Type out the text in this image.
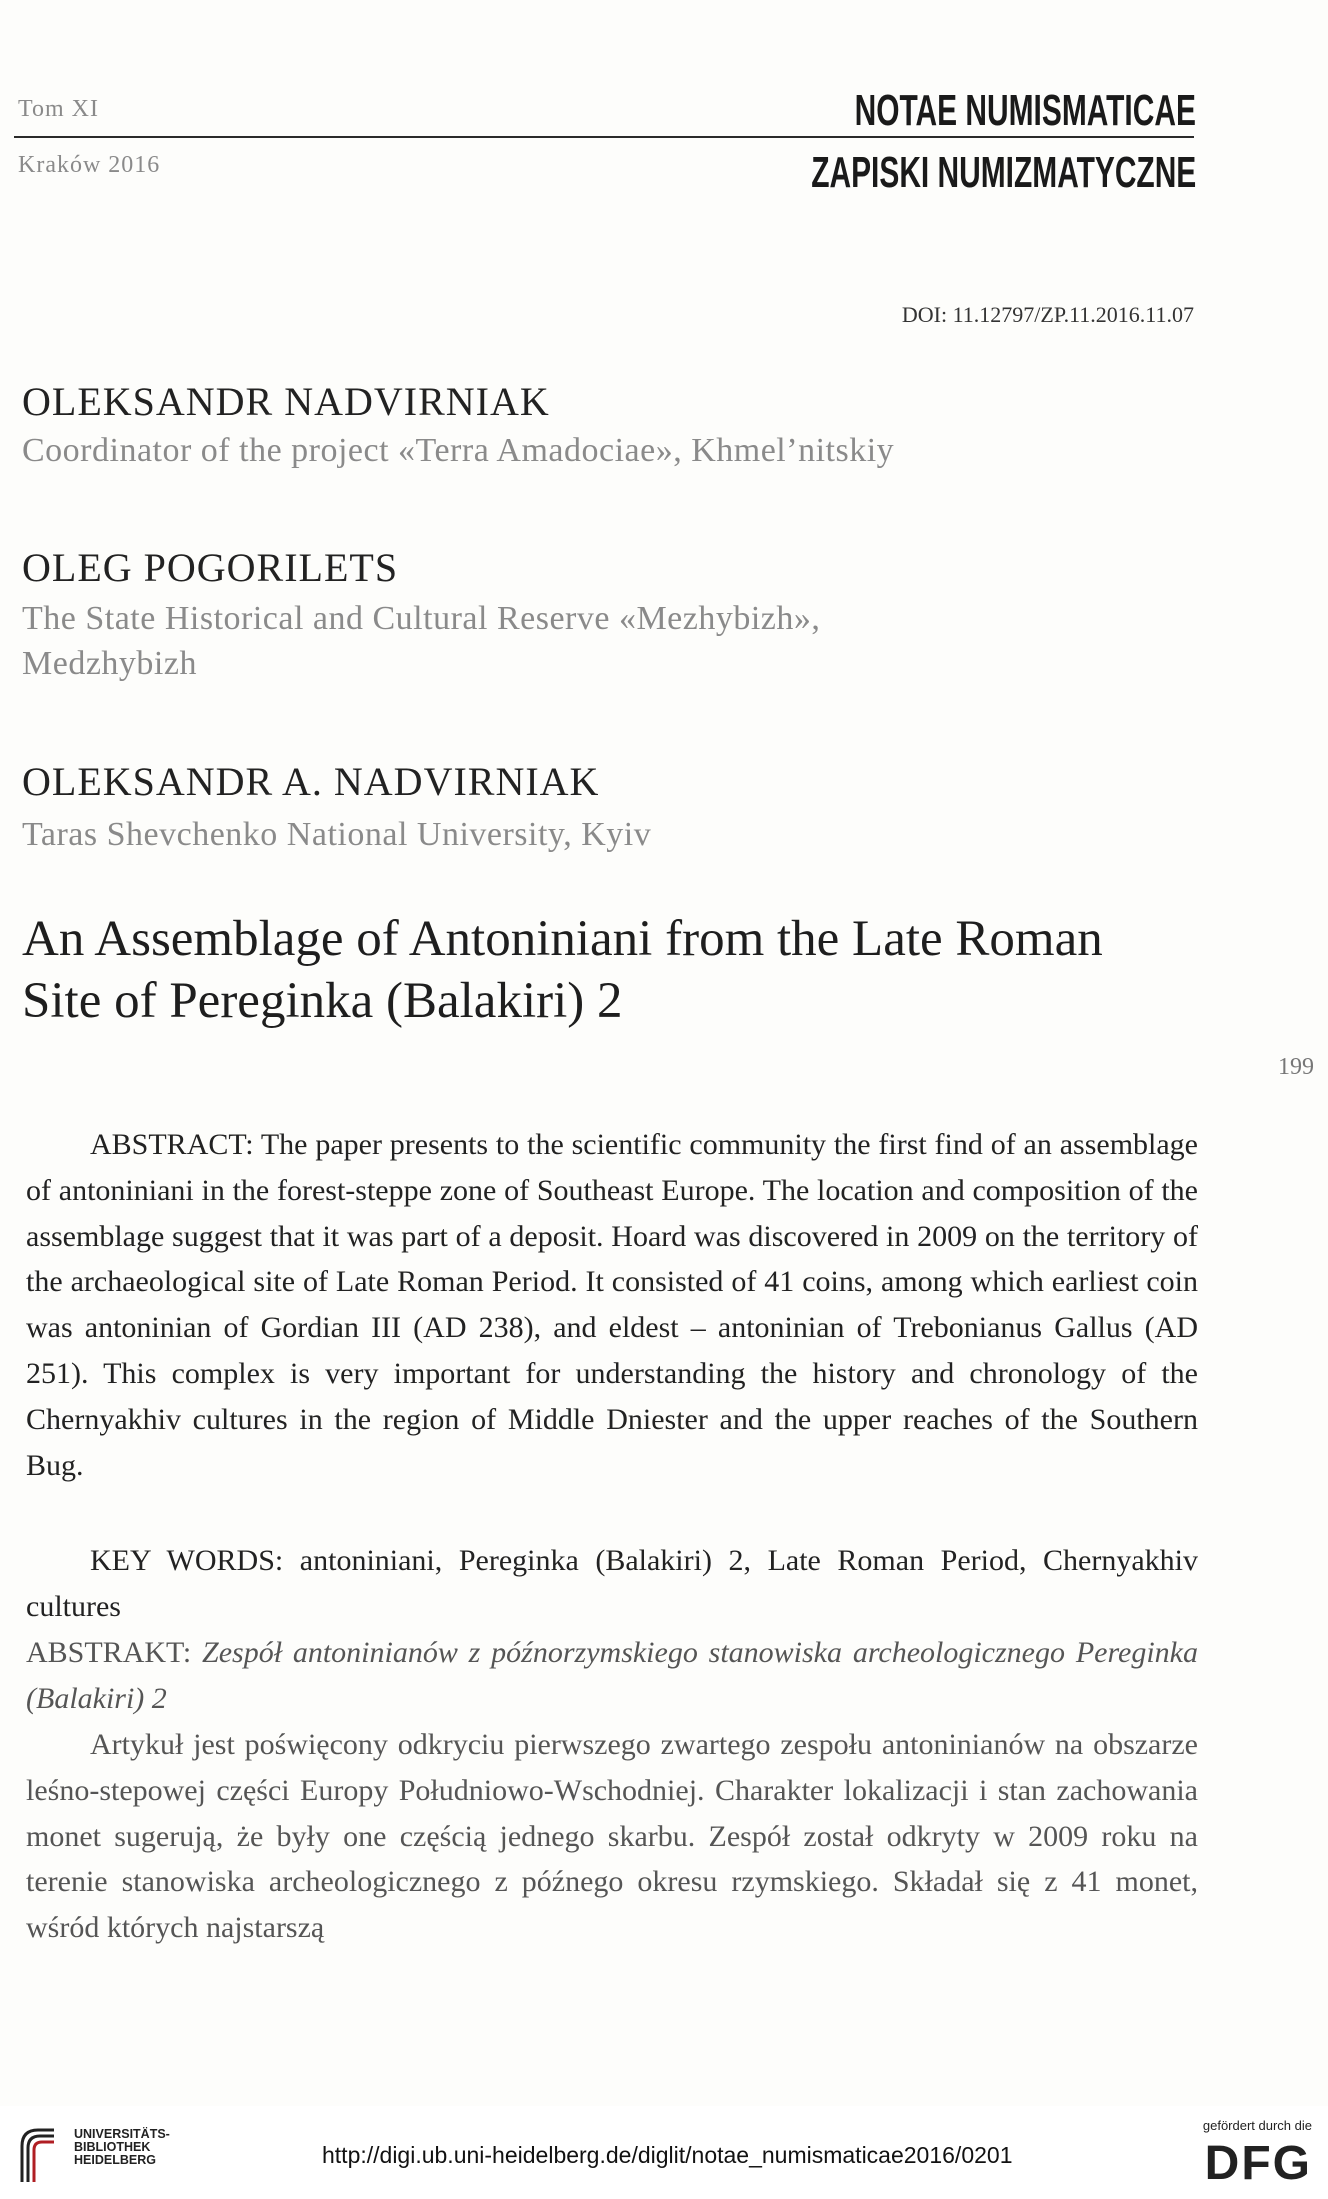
Tom XI
Kraków 2016
NOTAE NUMISMATICAE
ZAPISKI NUMIZMATYCZNE
DOI: 11.12797/ZP.11.2016.11.07
OLEKSANDR NADVIRNIAK
Coordinator of the project «Terra Amadociae», Khmel’nitskiy
OLEG POGORILETS
The State Historical and Cultural Reserve «Mezhybizh», Medzhybizh
OLEKSANDR A. NADVIRNIAK
Taras Shevchenko National University, Kyiv
An Assemblage of Antoniniani from the Late Roman Site of Pereginka (Balakiri) 2
199
ABSTRACT: The paper presents to the scientific community the first find of an assemblage of antoniniani in the forest-steppe zone of Southeast Europe. The location and composition of the assemblage suggest that it was part of a deposit. Hoard was discovered in 2009 on the territory of the archaeological site of Late Roman Period. It consisted of 41 coins, among which earliest coin was antoninian of Gordian III (AD 238), and eldest – antoninian of Trebonianus Gallus (AD 251). This complex is very important for understanding the history and chronology of the Chernyakhiv cultures in the region of Middle Dniester and the upper reaches of the Southern Bug.
KEY WORDS: antoniniani, Pereginka (Balakiri) 2, Late Roman Period, Chernyakhiv cultures
ABSTRAKT: Zespół antoninianów z późnorzymskiego stanowiska archeologicznego Pereginka (Balakiri) 2
Artykuł jest poświęcony odkryciu pierwszego zwartego zespołu antoninianów na obszarze leśno-stepowej części Europy Południowo-Wschodniej. Charakter lokalizacji i stan zachowania monet sugerują, że były one częścią jednego skarbu. Zespół został odkryty w 2009 roku na terenie stanowiska archeologicznego z późnego okresu rzymskiego. Składał się z 41 monet, wśród których najstarszą
UNIVERSITÄTS-
BIBLIOTHEK
HEIDELBERG	http://digi.ub.uni-heidelberg.de/diglit/notae_numismaticae2016/0201
gefördert durch die
DFG
